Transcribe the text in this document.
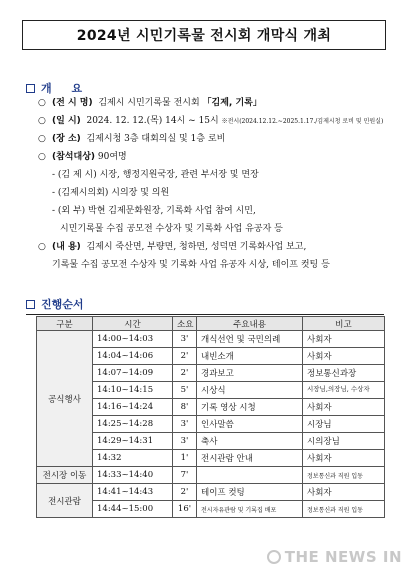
2024년 시민기록물 전시회 개막식 개최
개 요
○ (전 시 명) 김제시 시민기록물 전시회 「김제, 기록」
○ (일 시) 2024. 12. 12.(목) 14시 ~ 15시 ※전시(2024.12.12.~2025.1.17./김제시청 로비 및 민원실)
○ (장 소) 김제시청 3층 대회의실 및 1층 로비
○ (참석대상) 90여명
- (김 제 시) 시장, 행정지원국장, 관련 부서장 및 면장
- (김제시의회) 시의장 및 의원
- (외 부) 박현 김제문화원장, 기록화 사업 참여 시민,
시민기록물 수집 공모전 수상자 및 기록화 사업 유공자 등
○ (내 용) 김제시 죽산면, 부량면, 청하면, 성덕면 기록화사업 보고,
기록물 수집 공모전 수상자 및 기록화 사업 유공자 시상, 테이프 컷팅 등
진행순서
구분	시간	소요	주요내용	비고
공식행사	14:00~14:03	3'	개식선언 및 국민의례	사회자
	14:04~14:06	2'	내빈소개	사회자
	14:07~14:09	2'	경과보고	정보통신과장
	14:10~14:15	5'	시상식	시장님,의장님, 수상자
	14:16~14:24	8'	기록 영상 시청	사회자
	14:25~14:28	3'	인사말씀	시장님
	14:29~14:31	3'	축사	시의장님
	14:32	1'	전시관람 안내	사회자
전시장 이동	14:33~14:40	7'		정보통신과 직원 입동
전시관람	14:41~14:43	2'	테이프 컷팅	사회자
	14:44~15:00	16'	전시자유관람 및 기록집 배포	정보통신과 직원 입동
THE NEWS IN
